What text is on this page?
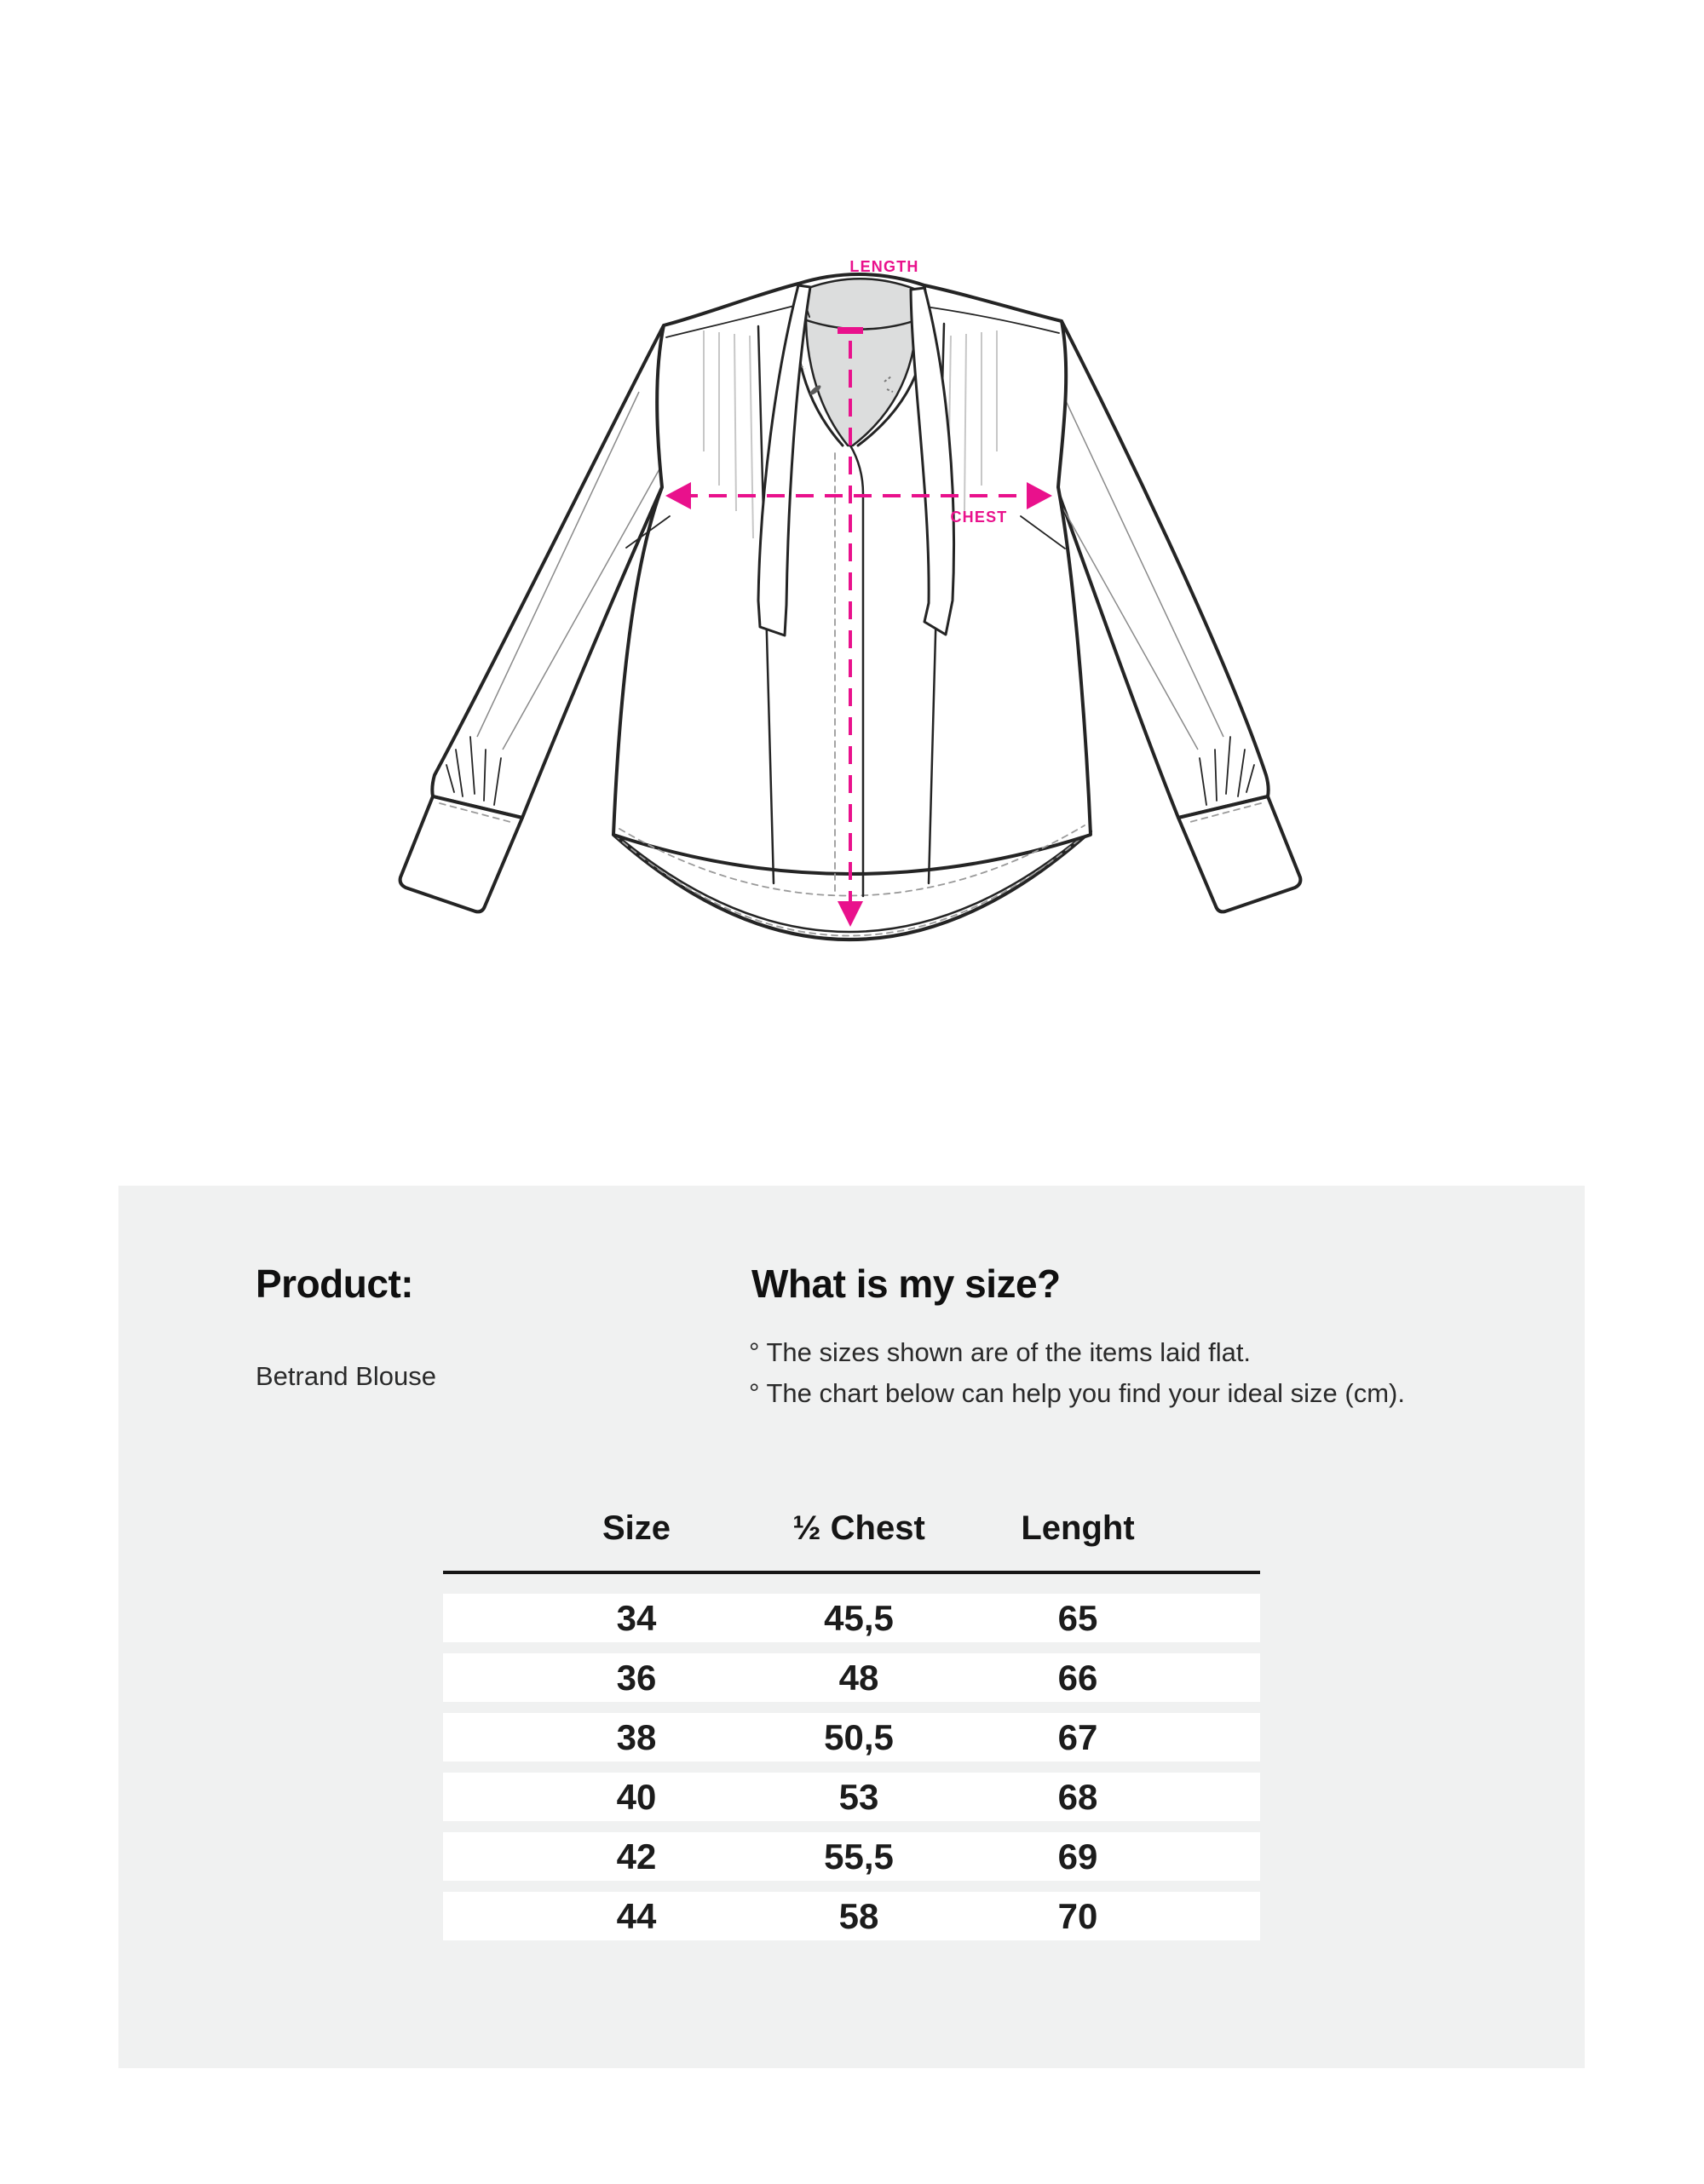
LENGTH
CHEST
Product:

Betrand Blouse

What is my size?

° The sizes shown are of the items laid flat.

° The chart below can help you find your ideal size (cm).

Size	½ Chest	Lenght
34	45,5	65
36	48	66
38	50,5	67
40	53	68
42	55,5	69
44	58	70
